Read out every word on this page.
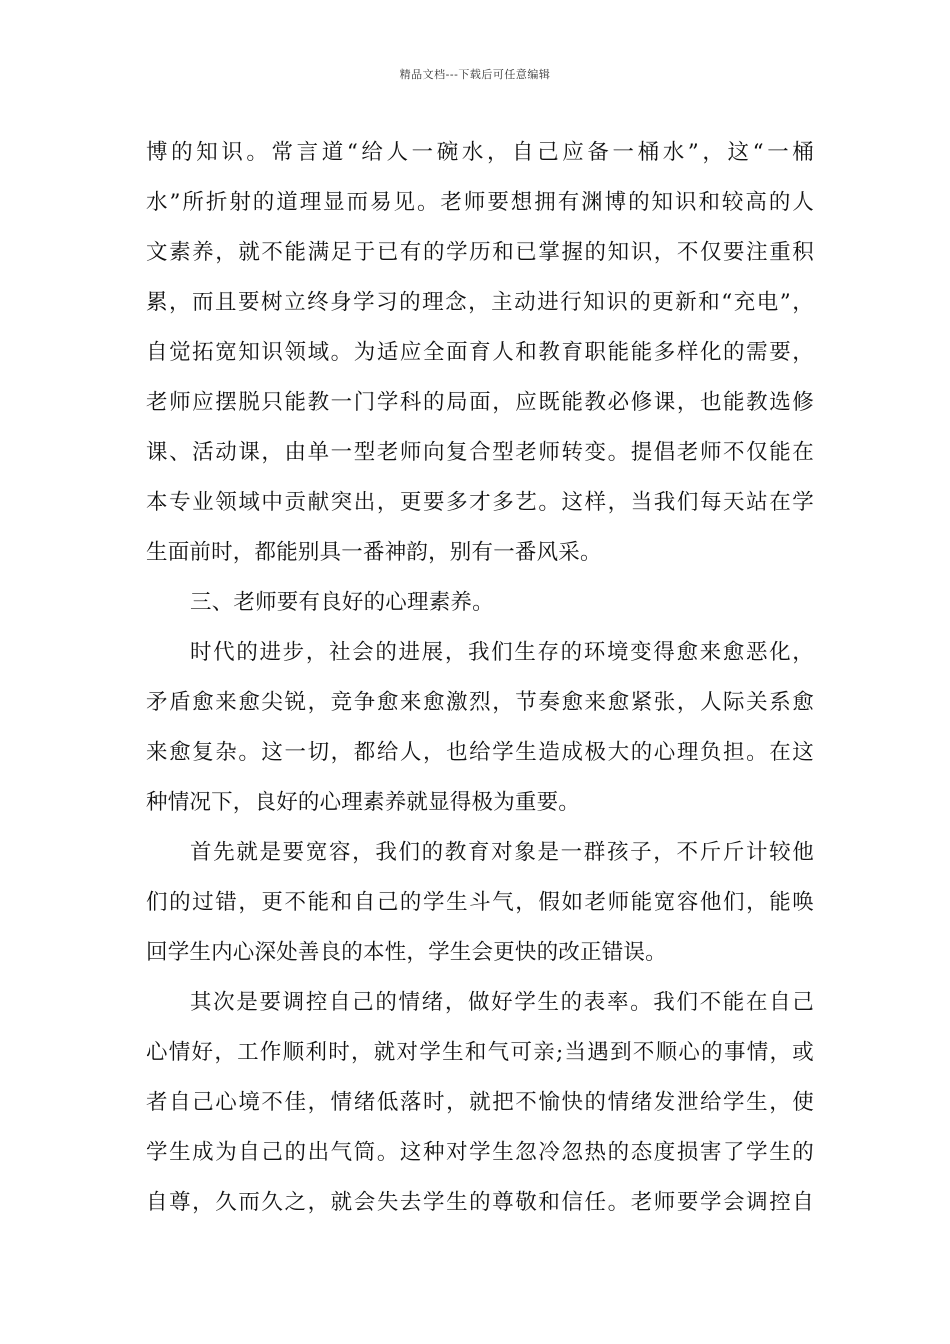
精品文档---下载后可任意编辑
博的知识。常言道“给人一碗水，自己应备一桶水”，这“一桶
水”所折射的道理显而易见。老师要想拥有渊博的知识和较高的人
文素养，就不能满足于已有的学历和已掌握的知识，不仅要注重积
累，而且要树立终身学习的理念，主动进行知识的更新和“充电”，
自觉拓宽知识领域。为适应全面育人和教育职能能多样化的需要，
老师应摆脱只能教一门学科的局面，应既能教必修课，也能教选修
课、活动课，由单一型老师向复合型老师转变。提倡老师不仅能在
本专业领域中贡献突出，更要多才多艺。这样，当我们每天站在学
生面前时，都能别具一番神韵，别有一番风采。
三、老师要有良好的心理素养。
时代的进步，社会的进展，我们生存的环境变得愈来愈恶化，
矛盾愈来愈尖锐，竞争愈来愈激烈，节奏愈来愈紧张，人际关系愈
来愈复杂。这一切，都给人，也给学生造成极大的心理负担。在这
种情况下，良好的心理素养就显得极为重要。
首先就是要宽容，我们的教育对象是一群孩子，不斤斤计较他
们的过错，更不能和自己的学生斗气，假如老师能宽容他们，能唤
回学生内心深处善良的本性，学生会更快的改正错误。
其次是要调控自己的情绪，做好学生的表率。我们不能在自己
心情好，工作顺利时，就对学生和气可亲;当遇到不顺心的事情，或
者自己心境不佳，情绪低落时，就把不愉快的情绪发泄给学生，使
学生成为自己的出气筒。这种对学生忽冷忽热的态度损害了学生的
自尊，久而久之，就会失去学生的尊敬和信任。老师要学会调控自
